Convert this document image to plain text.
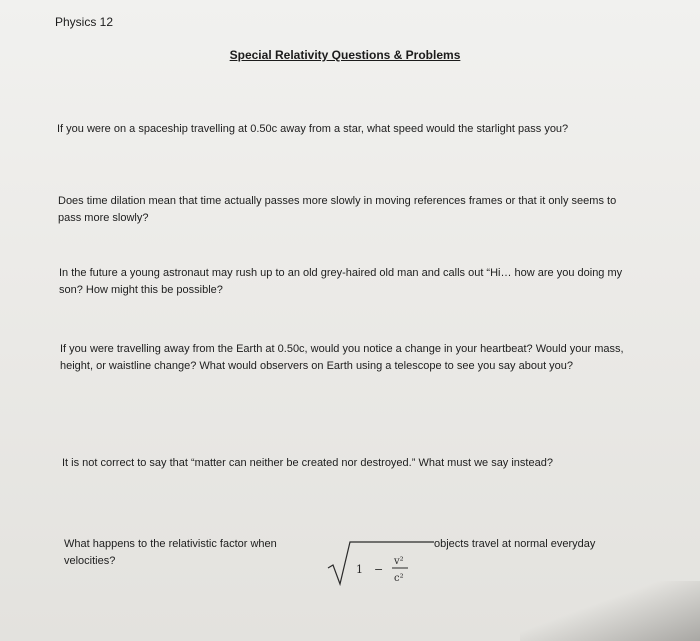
Physics 12
Special Relativity Questions & Problems
If you were on a spaceship travelling at 0.50c away from a star, what speed would the starlight pass you?
Does time dilation mean that time actually passes more slowly in moving references frames or that it only seems to pass more slowly?
In the future a young astronaut may rush up to an old grey-haired old man and calls out “Hi… how are you doing my son? How might this be possible?
If you were travelling away from the Earth at 0.50c, would you notice a change in your heartbeat? Would your mass, height, or waistline change? What would observers on Earth using a telescope to see you say about you?
It is not correct to say that “matter can neither be created nor destroyed.” What must we say instead?
What happens to the relativistic factor when velocities?
1 −
v²
c²
objects travel at normal everyday
